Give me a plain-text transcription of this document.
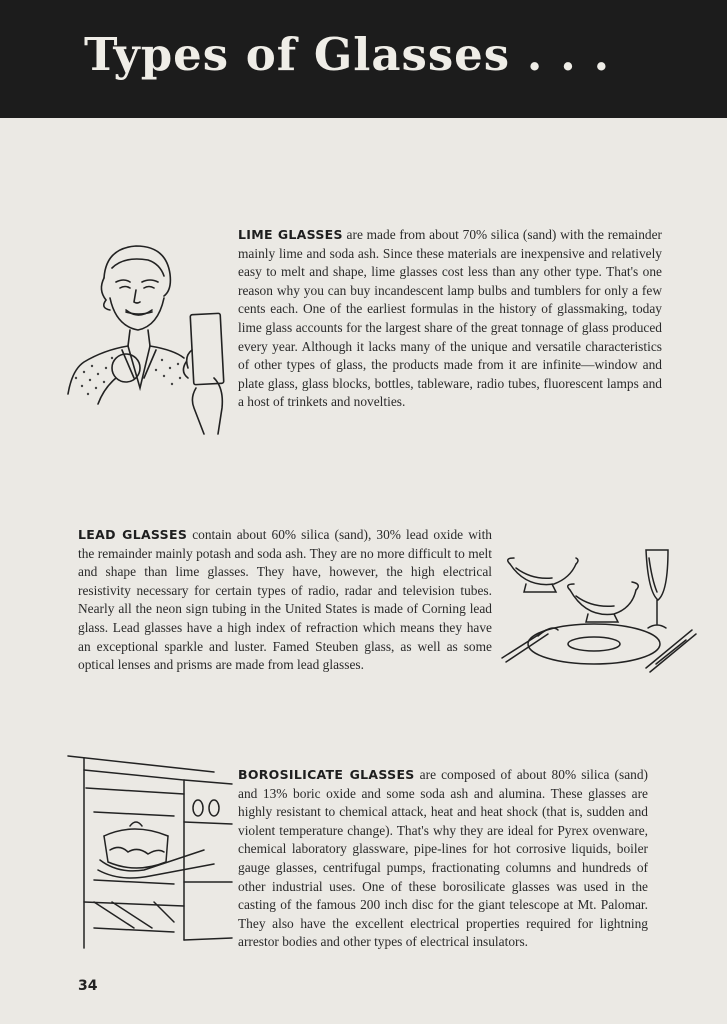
Types of Glasses . . .

LIME GLASSES are made from about 70% silica (sand) with the remainder mainly lime and soda ash. Since these materials are inexpensive and relatively easy to melt and shape, lime glasses cost less than any other type. That's one reason why you can buy incandescent lamp bulbs and tumblers for only a few cents each. One of the earliest formulas in the history of glassmaking, today lime glass accounts for the largest share of the great tonnage of glass produced every year. Although it lacks many of the unique and versatile characteristics of other types of glass, the products made from it are infinite—window and plate glass, glass blocks, bottles, tableware, radio tubes, fluorescent lamps and a host of trinkets and novelties.

LEAD GLASSES contain about 60% silica (sand), 30% lead oxide with the remainder mainly potash and soda ash. They are no more difficult to melt and shape than lime glasses. They have, however, the high electrical resistivity necessary for certain types of radio, radar and television tubes. Nearly all the neon sign tubing in the United States is made of Corning lead glass. Lead glasses have a high index of refraction which means they have an exceptional sparkle and luster. Famed Steuben glass, as well as some optical lenses and prisms are made from lead glasses.

BOROSILICATE GLASSES are composed of about 80% silica (sand) and 13% boric oxide and some soda ash and alumina. These glasses are highly resistant to chemical attack, heat and heat shock (that is, sudden and violent temperature change). That's why they are ideal for Pyrex ovenware, chemical laboratory glassware, pipe-lines for hot corrosive liquids, boiler gauge glasses, centrifugal pumps, fractionating columns and hundreds of other industrial uses. One of these borosilicate glasses was used in the casting of the famous 200 inch disc for the giant telescope at Mt. Palomar. They also have the excellent electrical properties required for lightning arrestor bodies and other types of electrical insulators.

34
